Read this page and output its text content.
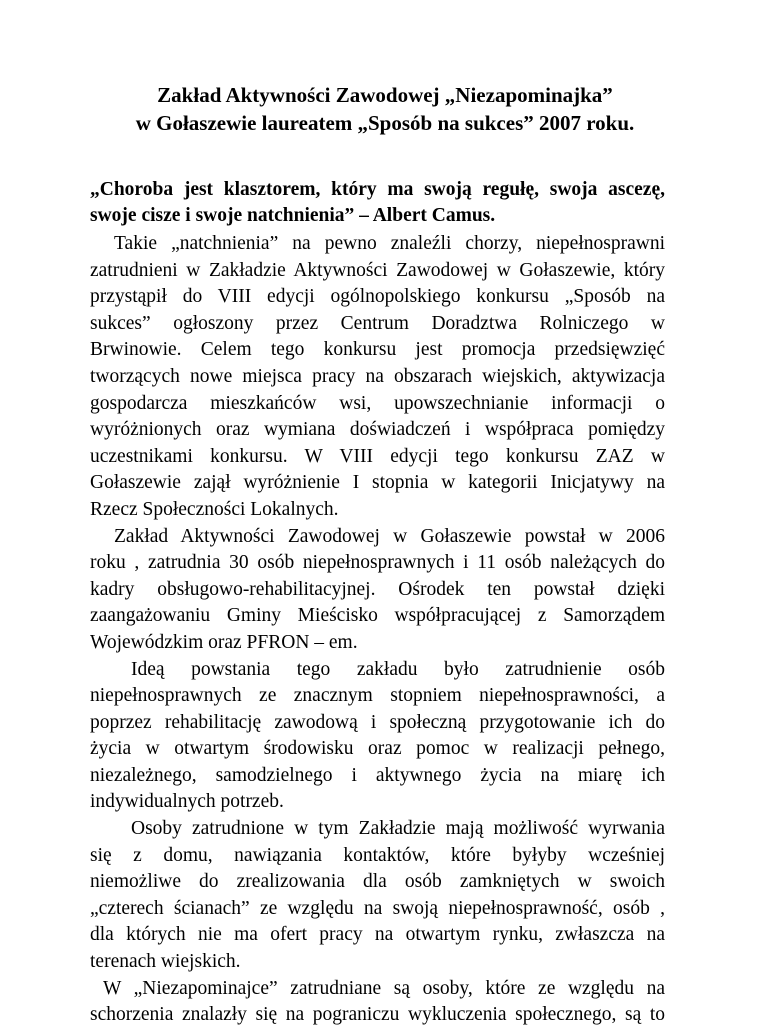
Zakład Aktywności Zawodowej „Niezapominajka”
w Gołaszewie laureatem „Sposób na sukces” 2007 roku.

„Choroba jest klasztorem, który ma swoją regułę, swoja ascezę, swoje cisze i swoje natchnienia” – Albert Camus.

Takie „natchnienia” na pewno znaleźli chorzy, niepełnosprawni
zatrudnieni w Zakładzie Aktywności Zawodowej w Gołaszewie, który
przystąpił do VIII edycji ogólnopolskiego konkursu „Sposób na
sukces” ogłoszony przez Centrum Doradztwa Rolniczego w
Brwinowie. Celem tego konkursu jest promocja przedsięwzięć
tworzących nowe miejsca pracy na obszarach wiejskich, aktywizacja
gospodarcza mieszkańców wsi, upowszechnianie informacji o
wyróżnionych oraz wymiana doświadczeń i współpraca pomiędzy
uczestnikami konkursu. W VIII edycji tego konkursu ZAZ w
Gołaszewie zajął wyróżnienie I stopnia w kategorii Inicjatywy na
Rzecz Społeczności Lokalnych.
Zakład Aktywności Zawodowej w Gołaszewie powstał w 2006
roku , zatrudnia 30 osób niepełnosprawnych i 11 osób należących do
kadry obsługowo-rehabilitacyjnej. Ośrodek ten powstał dzięki
zaangażowaniu Gminy Mieścisko współpracującej z Samorządem
Wojewódzkim oraz PFRON – em.
Ideą powstania tego zakładu było zatrudnienie osób
niepełnosprawnych ze znacznym stopniem niepełnosprawności, a
poprzez rehabilitację zawodową i społeczną przygotowanie ich do
życia w otwartym środowisku oraz pomoc w realizacji pełnego,
niezależnego, samodzielnego i aktywnego życia na miarę ich
indywidualnych potrzeb.
Osoby zatrudnione w tym Zakładzie mają możliwość wyrwania
się z domu, nawiązania kontaktów, które byłyby wcześniej
niemożliwe do zrealizowania dla osób zamkniętych w swoich
„czterech ścianach” ze względu na swoją niepełnosprawność, osób ,
dla których nie ma ofert pracy na otwartym rynku, zwłaszcza na
terenach wiejskich.
W „Niezapominajce” zatrudniane są osoby, które ze względu na
schorzenia znalazły się na pograniczu wykluczenia społecznego, są to
